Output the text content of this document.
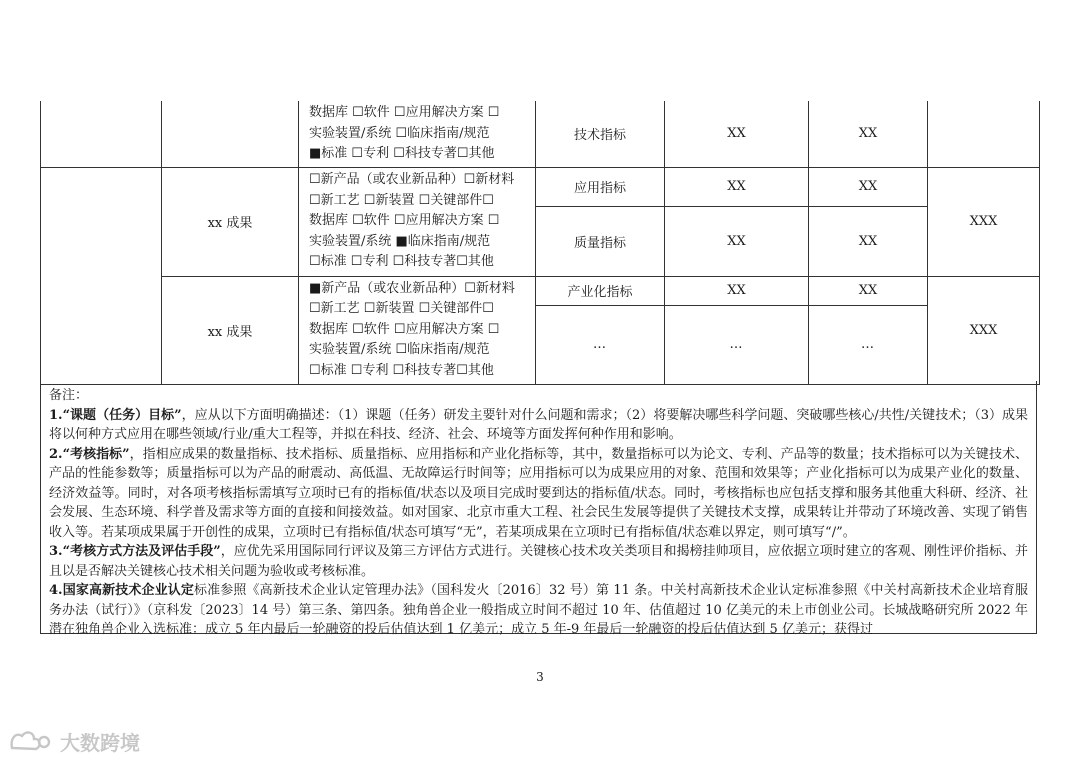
		数据库 ☐软件 ☐应用解决方案 ☐
实验装置/系统 ☐临床指南/规范
■标准 ☐专利 ☐科技专著☐其他	技术指标	XX	XX	
	xx 成果	☐新产品（或农业新品种）☐新材料
☐新工艺 ☐新装置 ☐关键部件☐
数据库 ☐软件 ☐应用解决方案 ☐
实验装置/系统 ■临床指南/规范
☐标准 ☐专利 ☐科技专著☐其他	应用指标	XX	XX	XXX
			质量指标	XX	XX	
	xx 成果	■新产品（或农业新品种）☐新材料
☐新工艺 ☐新装置 ☐关键部件☐
数据库 ☐软件 ☐应用解决方案 ☐
实验装置/系统 ☐临床指南/规范
☐标准 ☐专利 ☐科技专著☐其他	产业化指标	XX	XX	XXX
			…	…	…	

备注：

1.“课题（任务）目标”，应从以下方面明确描述：（1）课题（任务）研发主要针对什么问题和需求；（2）将要解决哪些科学问题、突破哪些核心/共性/关键技术；（3）成果将以何种方式应用在哪些领域/行业/重大工程等，并拟在科技、经济、社会、环境等方面发挥何种作用和影响。

2.“考核指标”，指相应成果的数量指标、技术指标、质量指标、应用指标和产业化指标等，其中，数量指标可以为论文、专利、产品等的数量；技术指标可以为关键技术、产品的性能参数等；质量指标可以为产品的耐震动、高低温、无故障运行时间等；应用指标可以为成果应用的对象、范围和效果等；产业化指标可以为成果产业化的数量、经济效益等。同时，对各项考核指标需填写立项时已有的指标值/状态以及项目完成时要到达的指标值/状态。同时，考核指标也应包括支撑和服务其他重大科研、经济、社会发展、生态环境、科学普及需求等方面的直接和间接效益。如对国家、北京市重大工程、社会民生发展等提供了关键技术支撑，成果转让并带动了环境改善、实现了销售收入等。若某项成果属于开创性的成果，立项时已有指标值/状态可填写“无”，若某项成果在立项时已有指标值/状态难以界定，则可填写“/”。

3.“考核方式方法及评估手段”，应优先采用国际同行评议及第三方评估方式进行。关键核心技术攻关类项目和揭榜挂帅项目，应依据立项时建立的客观、刚性评价指标、并且以是否解决关键核心技术相关问题为验收或考核标准。

4.国家高新技术企业认定标准参照《高新技术企业认定管理办法》（国科发火〔2016〕32 号）第 11 条。中关村高新技术企业认定标准参照《中关村高新技术企业培育服务办法（试行）》（京科发〔2023〕14 号）第三条、第四条。独角兽企业一般指成立时间不超过 10 年、估值超过 10 亿美元的未上市创业公司。长城战略研究所 2022 年潜在独角兽企业入选标准：成立 5 年内最后一轮融资的投后估值达到 1 亿美元；成立 5 年-9 年最后一轮融资的投后估值达到 5 亿美元；获得过

3
大数跨境
